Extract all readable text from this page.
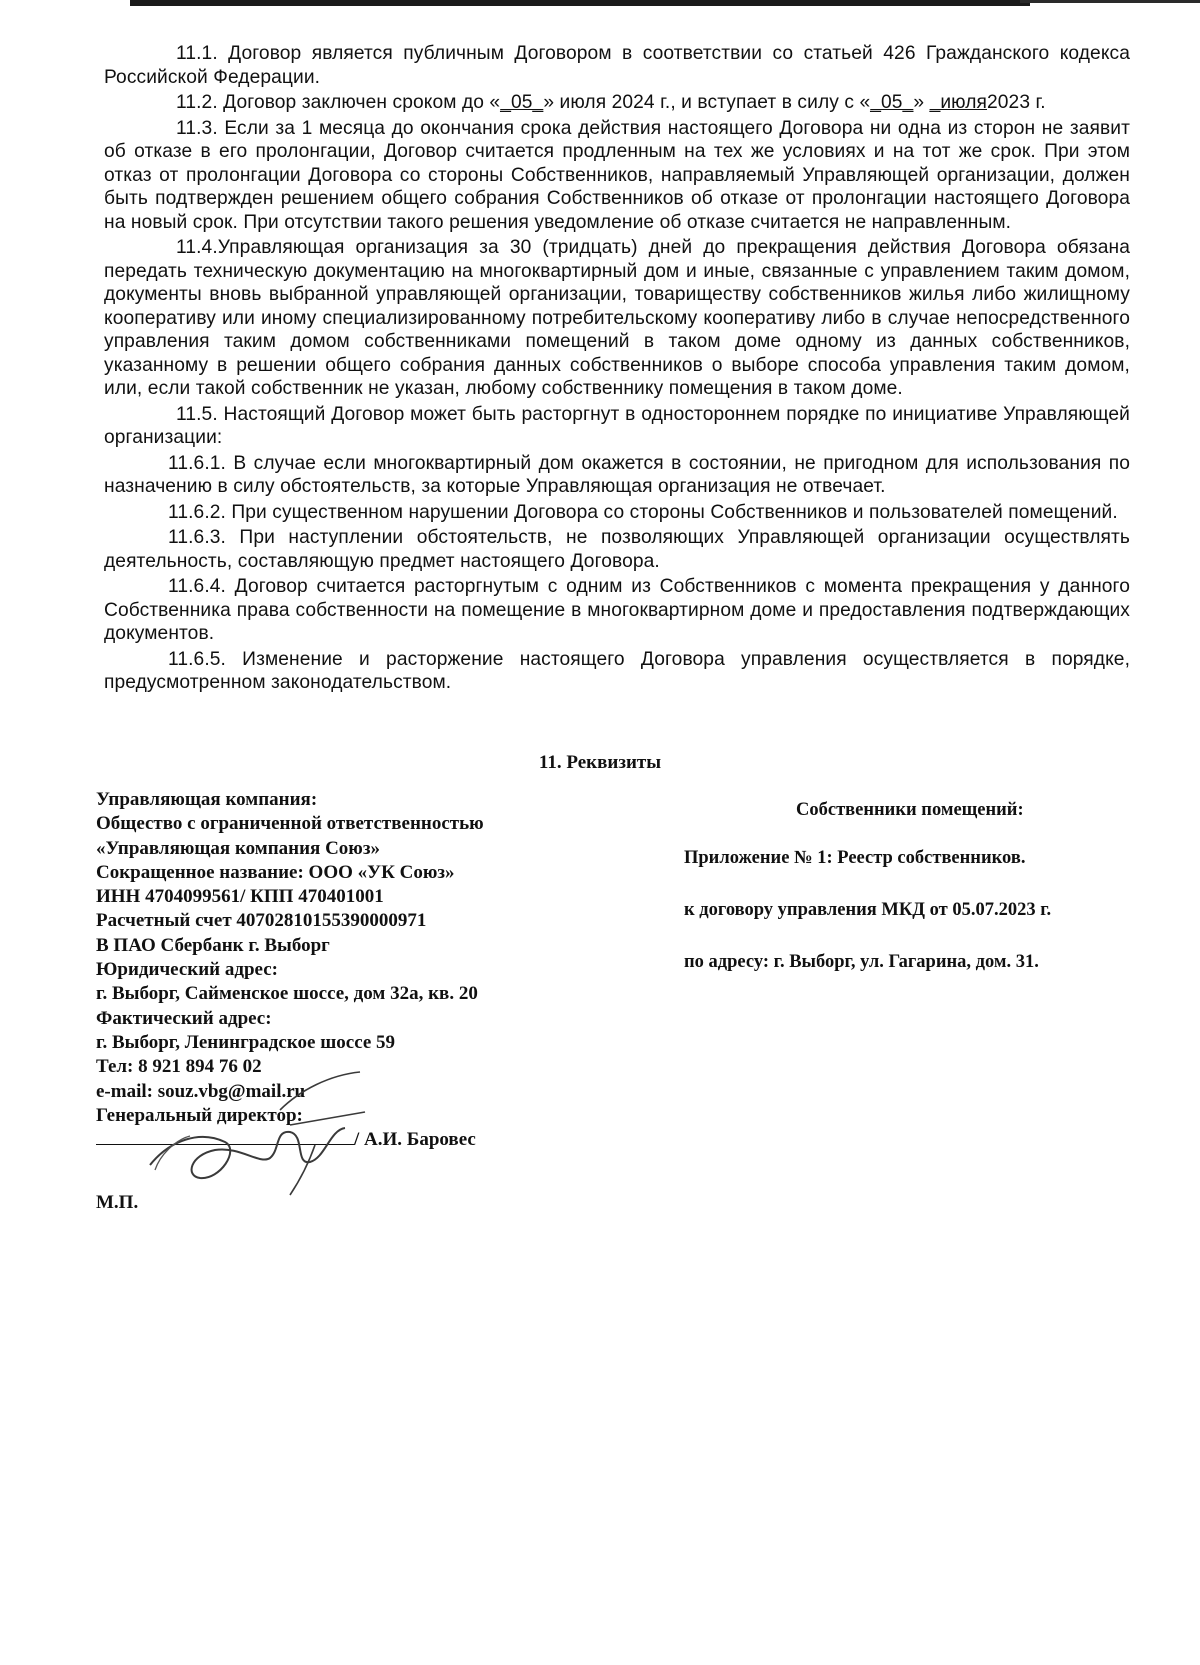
11.1. Договор является публичным Договором в соответствии со статьей 426 Гражданского кодекса Российской Федерации.

11.2. Договор заключен сроком до «_05_» июля 2024 г., и вступает в силу с «_05_» _июля2023 г.

11.3. Если за 1 месяца до окончания срока действия настоящего Договора ни одна из сторон не заявит об отказе в его пролонгации, Договор считается продленным на тех же условиях и на тот же срок. При этом отказ от пролонгации Договора со стороны Собственников, направляемый Управляющей организации, должен быть подтвержден решением общего собрания Собственников об отказе от пролонгации настоящего Договора на новый срок. При отсутствии такого решения уведомление об отказе считается не направленным.

11.4.Управляющая организация за 30 (тридцать) дней до прекращения действия Договора обязана передать техническую документацию на многоквартирный дом и иные, связанные с управлением таким домом, документы вновь выбранной управляющей организации, товариществу собственников жилья либо жилищному кооперативу или иному специализированному потребительскому кооперативу либо в случае непосредственного управления таким домом собственниками помещений в таком доме одному из данных собственников, указанному в решении общего собрания данных собственников о выборе способа управления таким домом, или, если такой собственник не указан, любому собственнику помещения в таком доме.

11.5. Настоящий Договор может быть расторгнут в одностороннем порядке по инициативе Управляющей организации:

11.6.1. В случае если многоквартирный дом окажется в состоянии, не пригодном для использования по назначению в силу обстоятельств, за которые Управляющая организация не отвечает.

11.6.2. При существенном нарушении Договора со стороны Собственников и пользователей помещений.

11.6.3. При наступлении обстоятельств, не позволяющих Управляющей организации осуществлять деятельность, составляющую предмет настоящего Договора.

11.6.4. Договор считается расторгнутым с одним из Собственников с момента прекращения у данного Собственника права собственности на помещение в многоквартирном доме и предоставления подтверждающих документов.

11.6.5. Изменение и расторжение настоящего Договора управления осуществляется в порядке, предусмотренном законодательством.

11. Реквизиты
Управляющая компания:
Общество с ограниченной ответственностью
«Управляющая компания Союз»
Сокращенное название: ООО «УК Союз»
ИНН 4704099561/ КПП 470401001
Расчетный счет 40702810155390000971
В ПАО Сбербанк г. Выборг
Юридический адрес:
г. Выборг, Сайменское шоссе, дом 32а, кв. 20
Фактический адрес:
г. Выборг, Ленинградское шоссе 59
Тел: 8 921 894 76 02
e-mail: souz.vbg@mail.ru
Генеральный директор:
/ А.И. Баровес
М.П.
Собственники помещений:
Приложение № 1: Реестр собственников.
к договору управления МКД от 05.07.2023 г.
по адресу: г. Выборг, ул. Гагарина, дом. 31.
